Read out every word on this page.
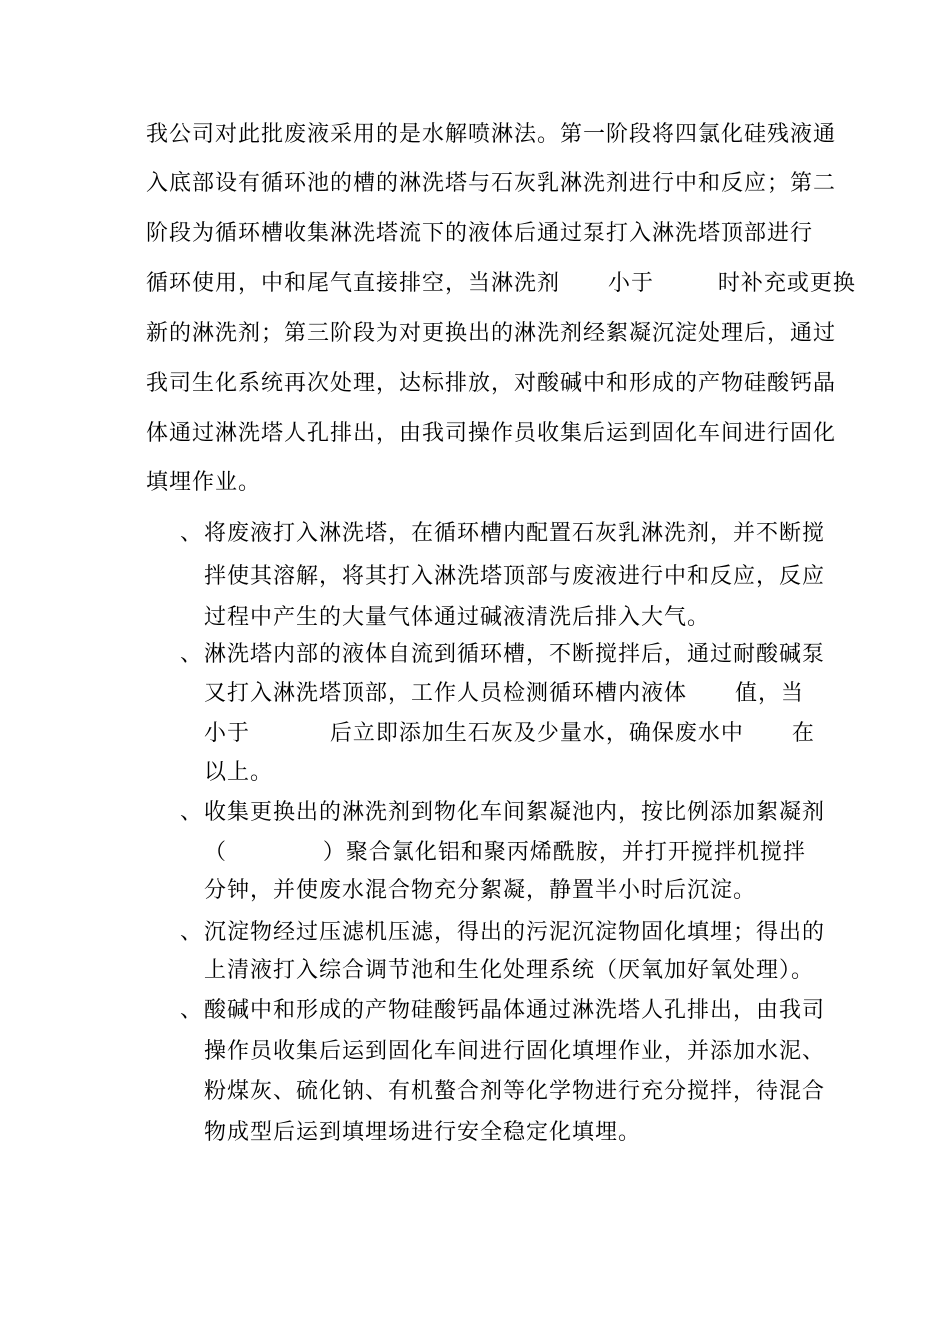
我公司对此批废液采用的是水解喷淋法。第一阶段将四氯化硅残液通
入底部设有循环池的槽的淋洗塔与石灰乳淋洗剂进行中和反应；第二
阶段为循环槽收集淋洗塔流下的液体后通过泵打入淋洗塔顶部进行
循环使用，中和尾气直接排空，当淋洗剂      小于        时补充或更换
新的淋洗剂；第三阶段为对更换出的淋洗剂经絮凝沉淀处理后，通过
我司生化系统再次处理，达标排放，对酸碱中和形成的产物硅酸钙晶
体通过淋洗塔人孔排出，由我司操作员收集后运到固化车间进行固化
填埋作业。
、 将废液打入淋洗塔，在循环槽内配置石灰乳淋洗剂，并不断搅
拌使其溶解，将其打入淋洗塔顶部与废液进行中和反应，反应
过程中产生的大量气体通过碱液清洗后排入大气。
、 淋洗塔内部的液体自流到循环槽，不断搅拌后，通过耐酸碱泵
又打入淋洗塔顶部，工作人员检测循环槽内液体      值，当
小于          后立即添加生石灰及少量水，确保废水中      在
以上。
、 收集更换出的淋洗剂到物化车间絮凝池内，按比例添加絮凝剂
（            ）聚合氯化铝和聚丙烯酰胺，并打开搅拌机搅拌
分钟，并使废水混合物充分絮凝，静置半小时后沉淀。
、 沉淀物经过压滤机压滤，得出的污泥沉淀物固化填埋；得出的
上清液打入综合调节池和生化处理系统（厌氧加好氧处理）。
、 酸碱中和形成的产物硅酸钙晶体通过淋洗塔人孔排出，由我司
操作员收集后运到固化车间进行固化填埋作业，并添加水泥、
粉煤灰、硫化钠、有机螯合剂等化学物进行充分搅拌，待混合
物成型后运到填埋场进行安全稳定化填埋。
